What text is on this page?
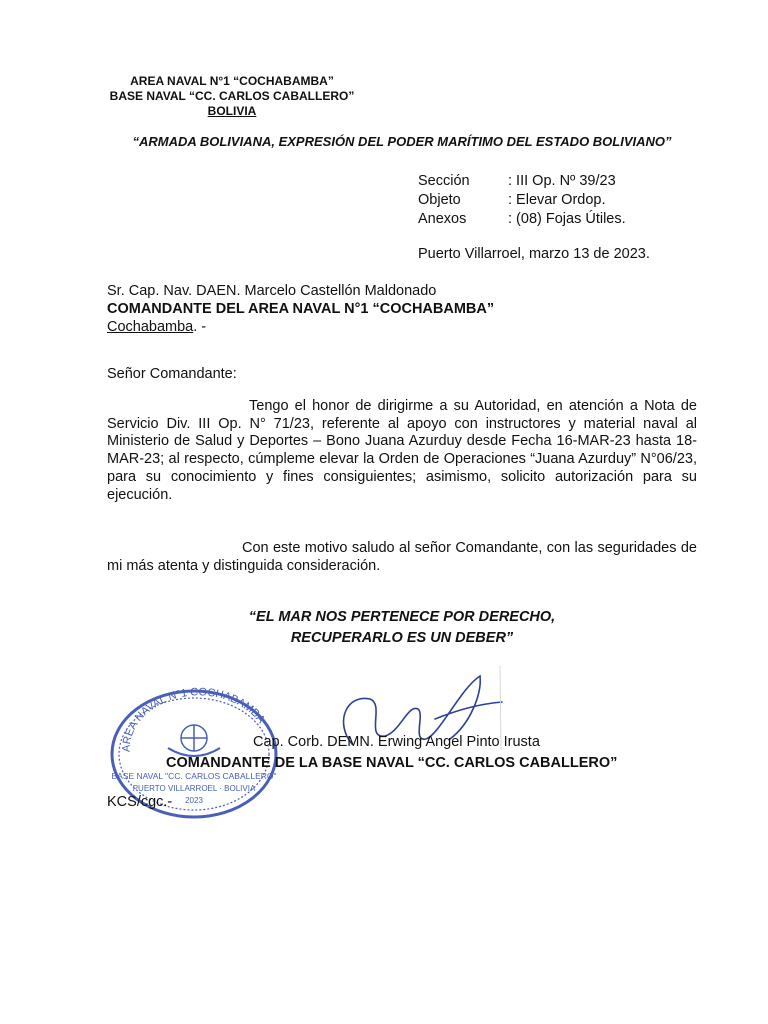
AREA NAVAL N°1 “COCHABAMBA”
BASE NAVAL “CC. CARLOS CABALLERO”
BOLIVIA
“ARMADA BOLIVIANA, EXPRESIÓN DEL PODER MARÍTIMO DEL ESTADO BOLIVIANO”
Sección	: III Op. Nº 39/23
Objeto	: Elevar Ordop.
Anexos	: (08) Fojas Útiles.
Puerto Villarroel, marzo 13 de 2023.
Sr. Cap. Nav. DAEN. Marcelo Castellón Maldonado
COMANDANTE DEL AREA NAVAL N°1 “COCHABAMBA”
Cochabamba. -
Señor Comandante:
Tengo el honor de dirigirme a su Autoridad, en atención a Nota de Servicio Div. III Op. N° 71/23, referente al apoyo con instructores y material naval al Ministerio de Salud y Deportes – Bono Juana Azurduy desde Fecha 16-MAR-23 hasta 18-MAR-23; al respecto, cúmpleme elevar la Orden de Operaciones “Juana Azurduy” N°06/23, para su conocimiento y fines consiguientes; asimismo, solicito autorización para su ejecución.
Con este motivo saludo al señor Comandante, con las seguridades de mi más atenta y distinguida consideración.
“EL MAR NOS PERTENECE POR DERECHO,
RECUPERARLO ES UN DEBER”
AREA NAVAL N°1 COCHABAMBA
BASE NAVAL "CC. CARLOS CABALLERO"
PUERTO VILLARROEL · BOLIVIA
2023
Cap. Corb. DEMN. Erwing Angel Pinto Irusta
COMANDANTE DE LA BASE NAVAL “CC. CARLOS CABALLERO”
KCS/cgc.-
